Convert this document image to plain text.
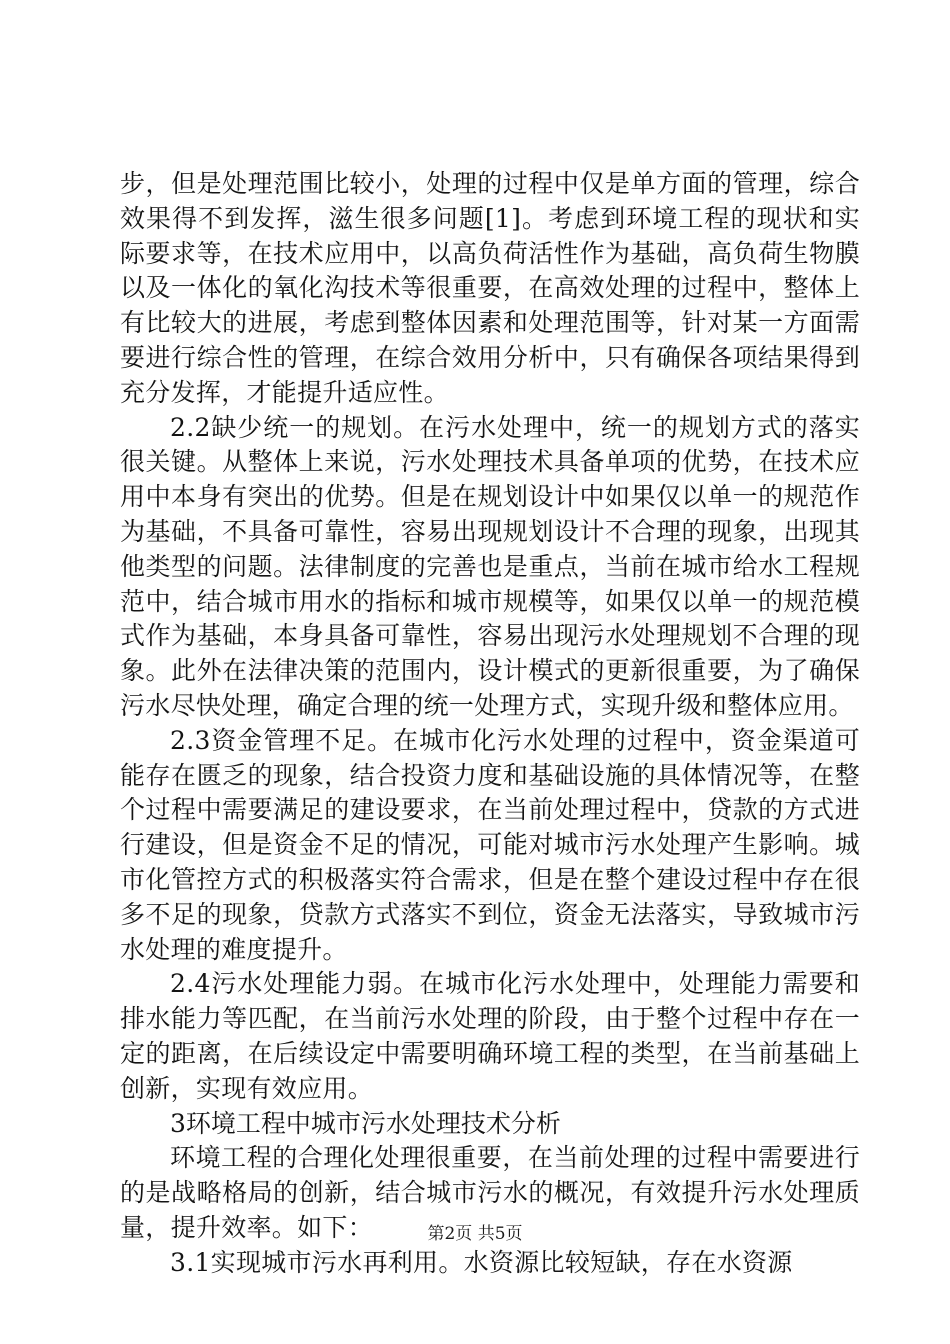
步，但是处理范围比较小，处理的过程中仅是单方面的管理，综合效果得不到发挥，滋生很多问题[1]。考虑到环境工程的现状和实际要求等，在技术应用中，以高负荷活性作为基础，高负荷生物膜以及一体化的氧化沟技术等很重要，在高效处理的过程中，整体上有比较大的进展，考虑到整体因素和处理范围等，针对某一方面需要进行综合性的管理，在综合效用分析中，只有确保各项结果得到充分发挥，才能提升适应性。

2.2缺少统一的规划。在污水处理中，统一的规划方式的落实很关键。从整体上来说，污水处理技术具备单项的优势，在技术应用中本身有突出的优势。但是在规划设计中如果仅以单一的规范作为基础，不具备可靠性，容易出现规划设计不合理的现象，出现其他类型的问题。法律制度的完善也是重点，当前在城市给水工程规范中，结合城市用水的指标和城市规模等，如果仅以单一的规范模式作为基础，本身具备可靠性，容易出现污水处理规划不合理的现象。此外在法律决策的范围内，设计模式的更新很重要，为了确保污水尽快处理，确定合理的统一处理方式，实现升级和整体应用。

2.3资金管理不足。在城市化污水处理的过程中，资金渠道可能存在匮乏的现象，结合投资力度和基础设施的具体情况等，在整个过程中需要满足的建设要求，在当前处理过程中，贷款的方式进行建设，但是资金不足的情况，可能对城市污水处理产生影响。城市化管控方式的积极落实符合需求，但是在整个建设过程中存在很多不足的现象，贷款方式落实不到位，资金无法落实，导致城市污水处理的难度提升。

2.4污水处理能力弱。在城市化污水处理中，处理能力需要和排水能力等匹配，在当前污水处理的阶段，由于整个过程中存在一定的距离，在后续设定中需要明确环境工程的类型，在当前基础上创新，实现有效应用。

3环境工程中城市污水处理技术分析

环境工程的合理化处理很重要，在当前处理的过程中需要进行的是战略格局的创新，结合城市污水的概况，有效提升污水处理质量，提升效率。如下：

3.1实现城市污水再利用。水资源比较短缺，存在水资源

第2页 共5页
